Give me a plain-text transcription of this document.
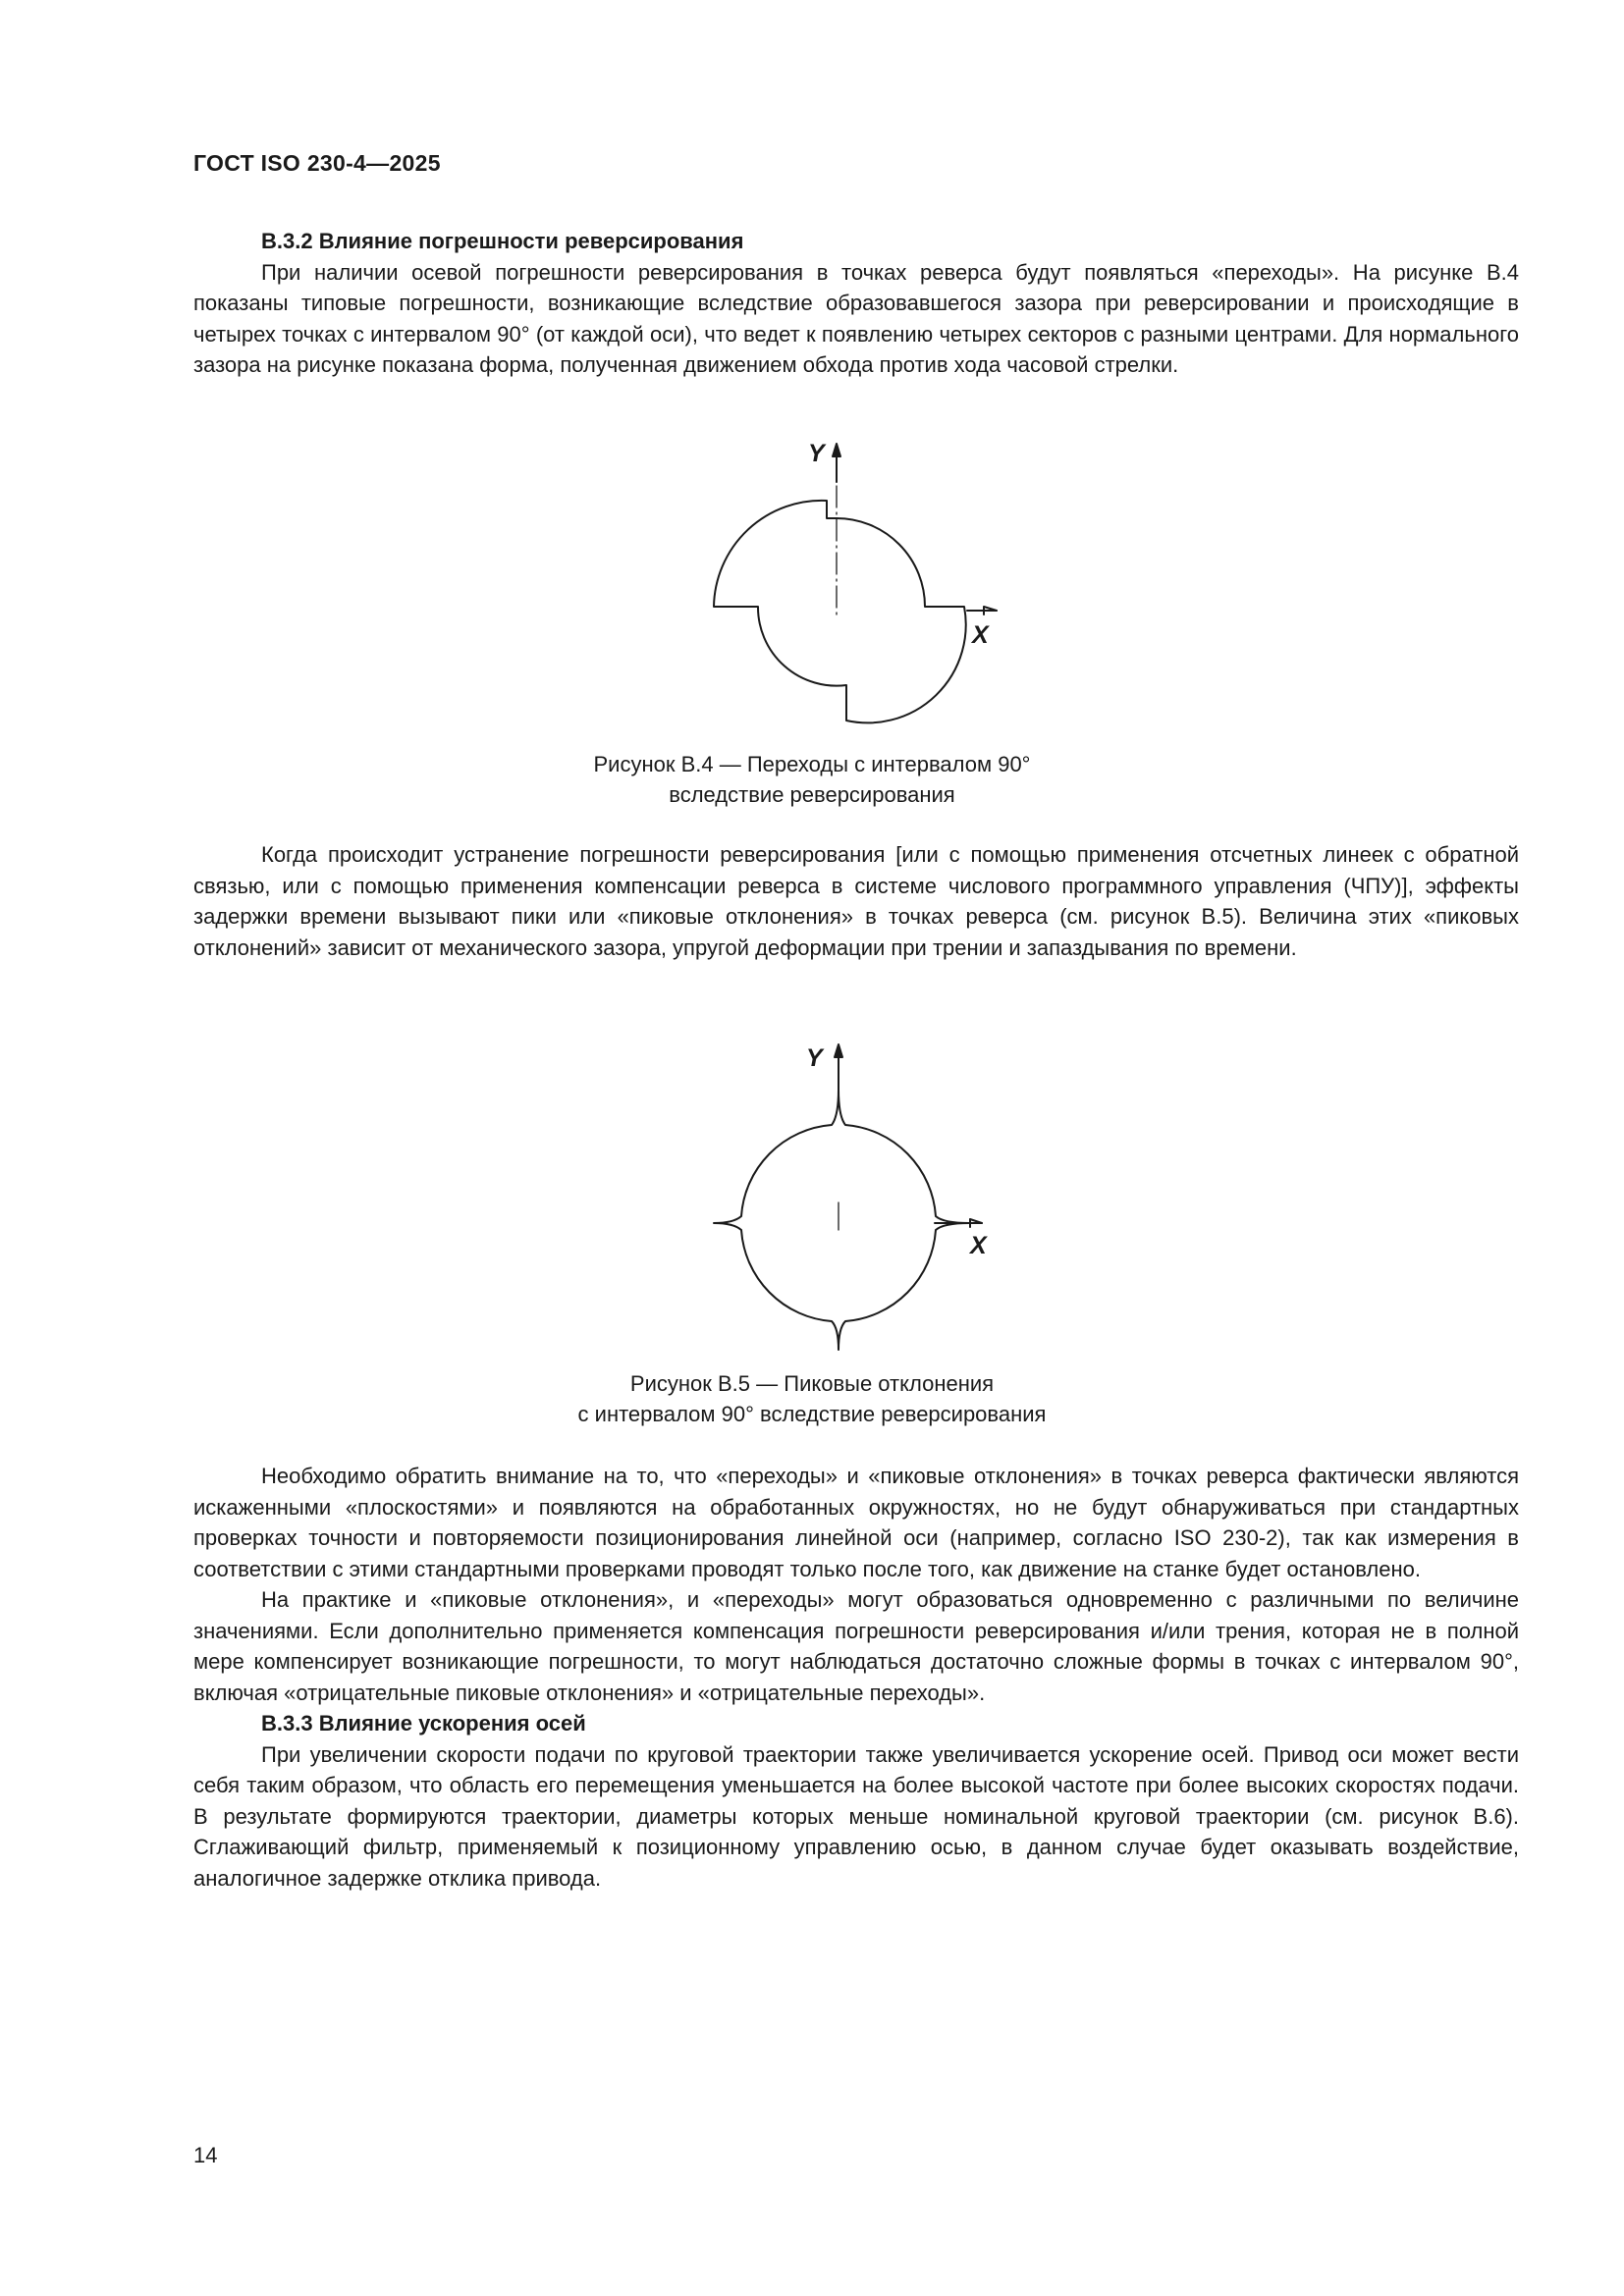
ГОСТ ISO 230-4—2025

B.3.2 Влияние погрешности реверсирования

При наличии осевой погрешности реверсирования в точках реверса будут появляться «переходы». На рисунке B.4 показаны типовые погрешности, возникающие вследствие образовавшегося зазора при реверсировании и происходящие в четырех точках с интервалом 90° (от каждой оси), что ведет к появлению четырех секторов с разными центрами. Для нормального зазора на рисунке показана форма, полученная движением обхода против хода часовой стрелки.

Y
X
Рисунок B.4 — Переходы с интервалом 90°
вследствие реверсирования

Когда происходит устранение погрешности реверсирования [или с помощью применения отсчетных линеек с обратной связью, или с помощью применения компенсации реверса в системе числового программного управления (ЧПУ)], эффекты задержки времени вызывают пики или «пиковые отклонения» в точках реверса (см. рисунок B.5). Величина этих «пиковых отклонений» зависит от механического зазора, упругой деформации при трении и запаздывания по времени.

Y
X
Рисунок B.5 — Пиковые отклонения
с интервалом 90° вследствие реверсирования

Необходимо обратить внимание на то, что «переходы» и «пиковые отклонения» в точках реверса фактически являются искаженными «плоскостями» и появляются на обработанных окружностях, но не будут обнаруживаться при стандартных проверках точности и повторяемости позиционирования линейной оси (например, согласно ISO 230-2), так как измерения в соответствии с этими стандартными проверками проводят только после того, как движение на станке будет остановлено.

На практике и «пиковые отклонения», и «переходы» могут образоваться одновременно с различными по величине значениями. Если дополнительно применяется компенсация погрешности реверсирования и/или трения, которая не в полной мере компенсирует возникающие погрешности, то могут наблюдаться достаточно сложные формы в точках с интервалом 90°, включая «отрицательные пиковые отклонения» и «отрицательные переходы».

B.3.3 Влияние ускорения осей

При увеличении скорости подачи по круговой траектории также увеличивается ускорение осей. Привод оси может вести себя таким образом, что область его перемещения уменьшается на более высокой частоте при более высоких скоростях подачи. В результате формируются траектории, диаметры которых меньше номинальной круговой траектории (см. рисунок B.6). Сглаживающий фильтр, применяемый к позиционному управлению осью, в данном случае будет оказывать воздействие, аналогичное задержке отклика привода.

14
